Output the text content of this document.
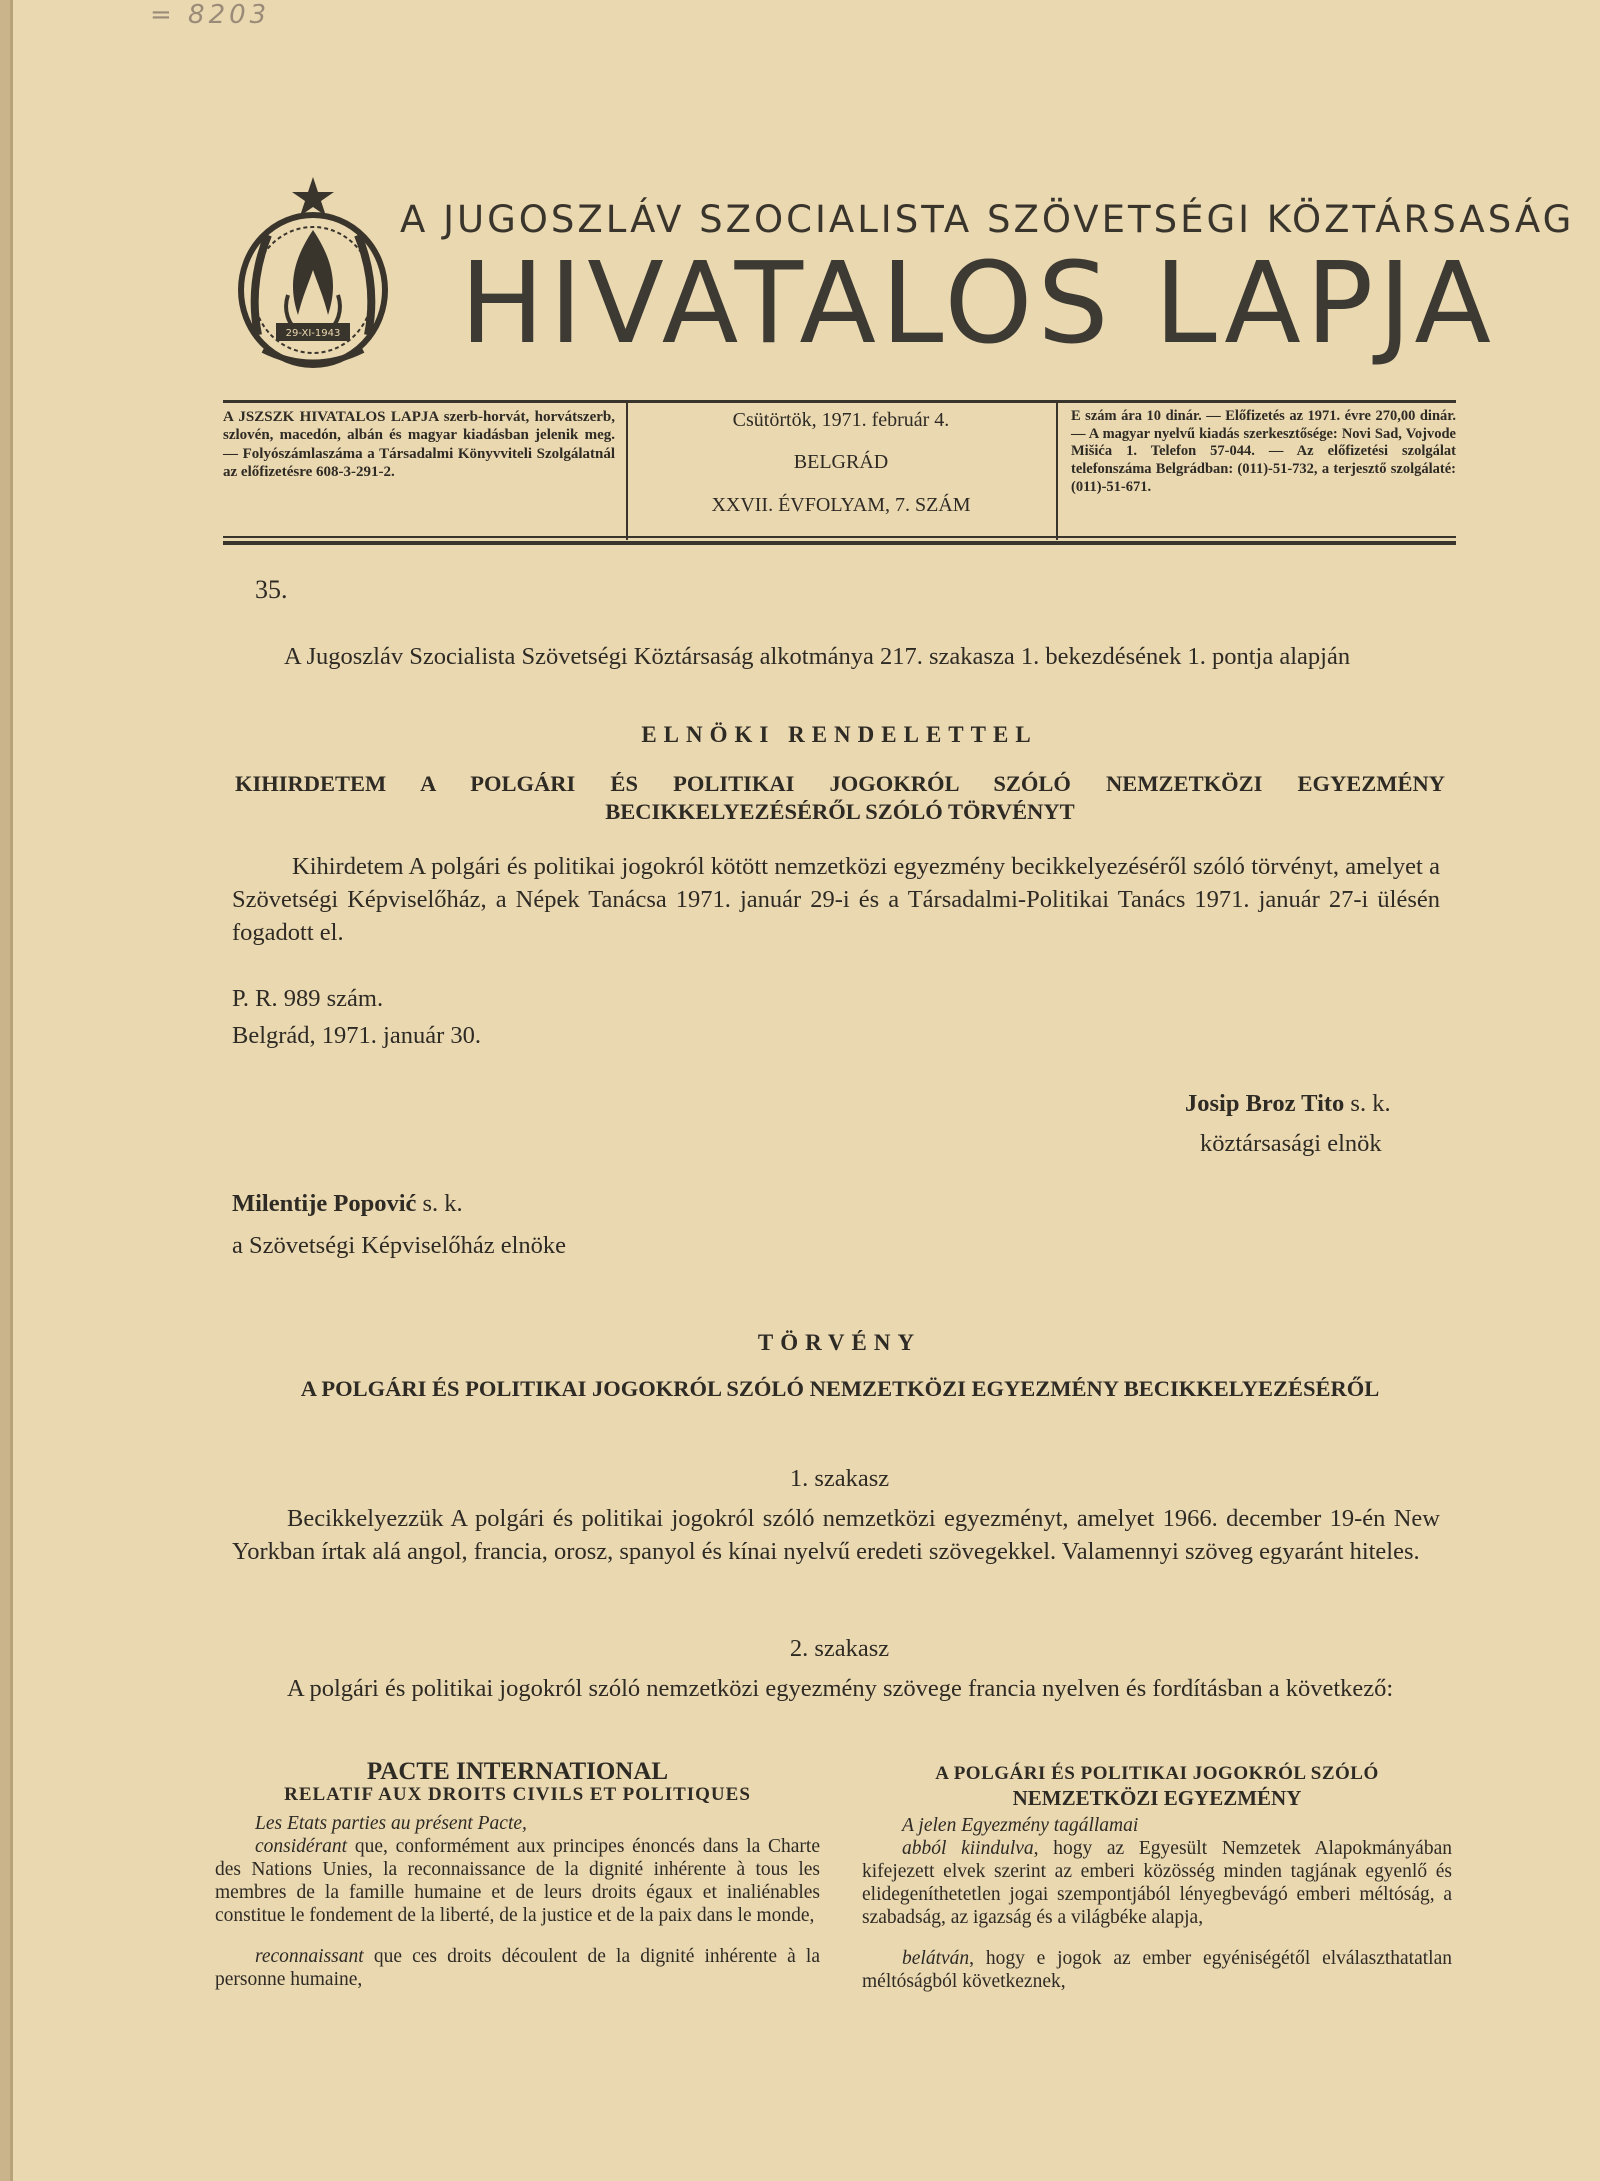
= 8203
29-XI-1943
A JUGOSZLÁV SZOCIALISTA SZÖVETSÉGI KÖZTÁRSASÁG
HIVATALOS LAPJA
A JSZSZK HIVATALOS LAPJA szerb-horvát, horvátszerb, szlovén, macedón, albán és magyar kiadásban jelenik meg. — Folyószámlaszáma a Társadalmi Könyvviteli Szolgálatnál az előfizetésre 608-3-291-2.
Csütörtök, 1971. február 4.
BELGRÁD
XXVII. ÉVFOLYAM, 7. SZÁM
E szám ára 10 dinár. — Előfizetés az 1971. évre 270,00 dinár. — A magyar nyelvű kiadás szerkesztősége: Novi Sad, Vojvode Mišića 1. Telefon 57-044. — Az előfizetési szolgálat telefonszáma Belgrádban: (011)-51-732, a terjesztő szolgálaté: (011)-51-671.
35.
A Jugoszláv Szocialista Szövetségi Köztársaság alkotmánya 217. szakasza 1. bekezdésének 1. pontja alapján
ELNÖKI RENDELETTEL
KIHIRDETEM A POLGÁRI ÉS POLITIKAI JOGOKRÓL SZÓLÓ NEMZETKÖZI EGYEZMÉNY BECIKKELYEZÉSÉRŐL SZÓLÓ TÖRVÉNYT
Kihirdetem A polgári és politikai jogokról kötött nemzetközi egyezmény becikkelyezéséről szóló törvényt, amelyet a Szövetségi Képviselőház, a Népek Tanácsa 1971. január 29-i és a Társadalmi-Politikai Tanács 1971. január 27-i ülésén fogadott el.
P. R. 989 szám.
Belgrád, 1971. január 30.
Josip Broz Tito s. k.
köztársasági elnök
Milentije Popović s. k.
a Szövetségi Képviselőház elnöke
TÖRVÉNY
A POLGÁRI ÉS POLITIKAI JOGOKRÓL SZÓLÓ NEMZETKÖZI EGYEZMÉNY BECIKKELYEZÉSÉRŐL
1. szakasz
Becikkelyezzük A polgári és politikai jogokról szóló nemzetközi egyezményt, amelyet 1966. december 19-én New Yorkban írtak alá angol, francia, orosz, spanyol és kínai nyelvű eredeti szövegekkel. Valamennyi szöveg egyaránt hiteles.
2. szakasz
A polgári és politikai jogokról szóló nemzetközi egyezmény szövege francia nyelven és fordításban a következő:
PACTE INTERNATIONAL
RELATIF AUX DROITS CIVILS ET POLITIQUES
Les Etats parties au présent Pacte,
considérant que, conformément aux principes énoncés dans la Charte des Nations Unies, la reconnaissance de la dignité inhérente à tous les membres de la famille humaine et de leurs droits égaux et inaliénables constitue le fondement de la liberté, de la justice et de la paix dans le monde,
reconnaissant que ces droits découlent de la dignité inhérente à la personne humaine,
A POLGÁRI ÉS POLITIKAI JOGOKRÓL SZÓLÓ
NEMZETKÖZI EGYEZMÉNY
A jelen Egyezmény tagállamai
abból kiindulva, hogy az Egyesült Nemzetek Alapokmányában kifejezett elvek szerint az emberi közösség minden tagjának egyenlő és elidegeníthetetlen jogai szempontjából lényegbevágó emberi méltóság, a szabadság, az igazság és a világbéke alapja,
belátván, hogy e jogok az ember egyéniségétől elválaszthatatlan méltóságból következnek,
